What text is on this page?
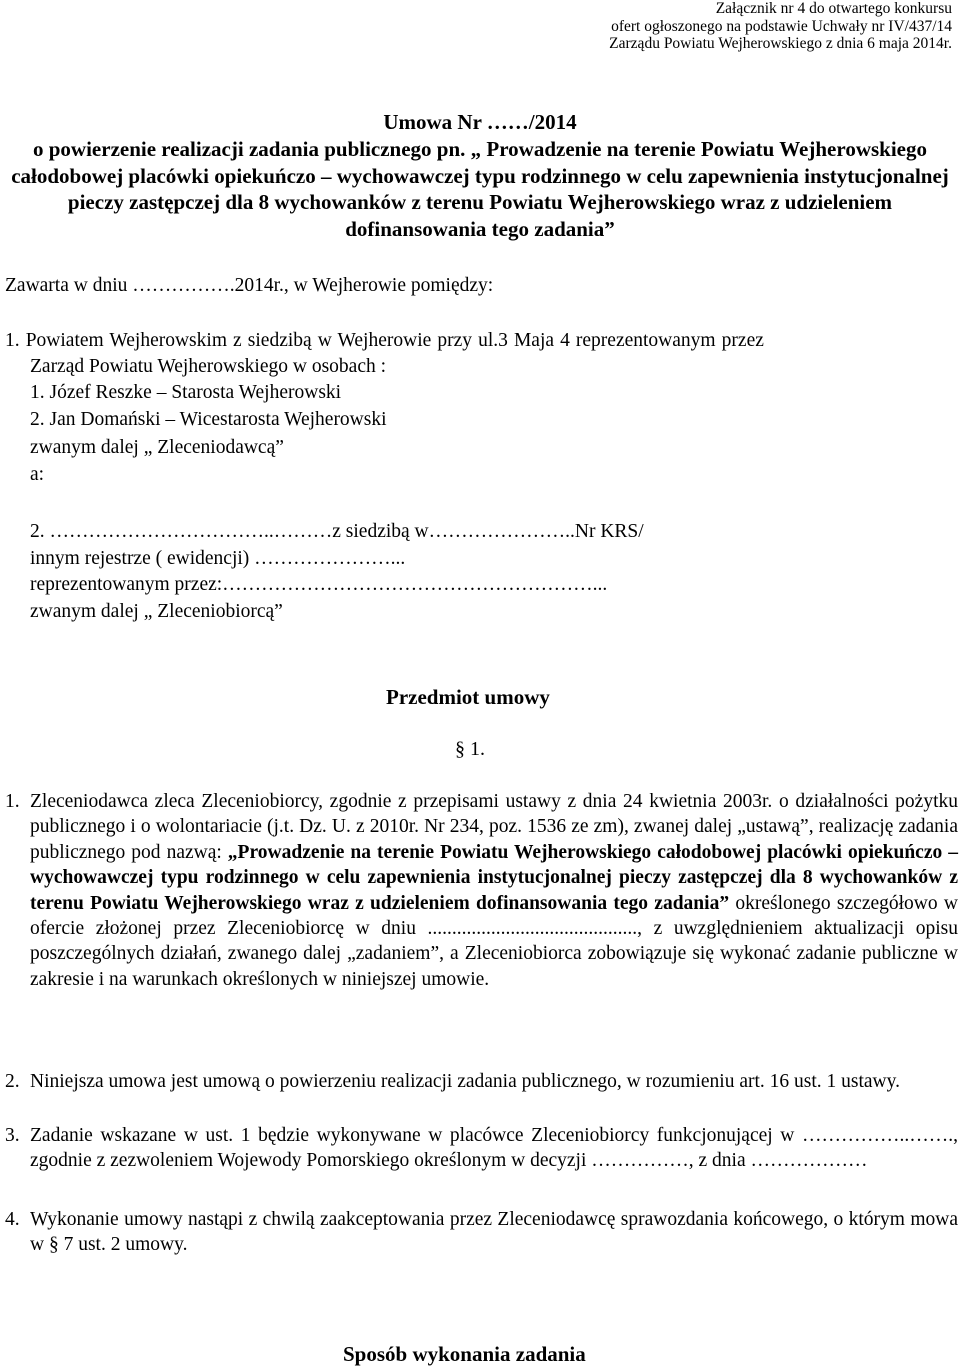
Załącznik nr 4 do otwartego konkursu
ofert ogłoszonego na podstawie Uchwały nr IV/437/14
Zarządu Powiatu Wejherowskiego z dnia 6 maja 2014r.
Umowa Nr ……/2014
o powierzenie realizacji zadania publicznego pn. „ Prowadzenie na terenie Powiatu Wejherowskiego całodobowej placówki opiekuńczo – wychowawczej typu rodzinnego w celu zapewnienia instytucjonalnej pieczy zastępczej dla 8 wychowanków z terenu Powiatu Wejherowskiego wraz z udzieleniem dofinansowania tego zadania”
Zawarta w dniu …………….2014r., w Wejherowie pomiędzy:
1. Powiatem Wejherowskim z siedzibą w Wejherowie przy ul.3 Maja 4 reprezentowanym przez
Zarząd Powiatu Wejherowskiego w osobach :
1. Józef Reszke – Starosta Wejherowski
2. Jan Domański – Wicestarosta Wejherowski
zwanym dalej „ Zleceniodawcą”
a:
2. ……………………………..………z siedzibą w…………………..Nr KRS/
innym rejestrze ( ewidencji) …………………...
reprezentowanym przez:…………………………………………………...
zwanym dalej „ Zleceniobiorcą”
Przedmiot umowy
§ 1.
1. Zleceniodawca zleca Zleceniobiorcy, zgodnie z przepisami ustawy z dnia 24 kwietnia 2003r. o działalności pożytku publicznego i o wolontariacie (j.t. Dz. U. z 2010r. Nr 234, poz. 1536 ze zm), zwanej dalej „ustawą”, realizację zadania publicznego pod nazwą: „Prowadzenie na terenie Powiatu Wejherowskiego całodobowej placówki opiekuńczo – wychowawczej typu rodzinnego w celu zapewnienia instytucjonalnej pieczy zastępczej dla 8 wychowanków z terenu Powiatu Wejherowskiego wraz z udzieleniem dofinansowania tego zadania” określonego szczegółowo w ofercie złożonej przez Zleceniobiorcę w dniu ..........................................., z uwzględnieniem aktualizacji opisu poszczególnych działań, zwanego dalej „zadaniem”, a Zleceniobiorca zobowiązuje się wykonać zadanie publiczne w zakresie i na warunkach określonych w niniejszej umowie.
2. Niniejsza umowa jest umową o powierzeniu realizacji zadania publicznego, w rozumieniu art. 16 ust. 1 ustawy.
3. Zadanie wskazane w ust. 1 będzie wykonywane w placówce Zleceniobiorcy funkcjonującej w ……………..……., zgodnie z zezwoleniem Wojewody Pomorskiego określonym w decyzji ……………, z dnia ………………
4. Wykonanie umowy nastąpi z chwilą zaakceptowania przez Zleceniodawcę sprawozdania końcowego, o którym mowa w § 7 ust. 2 umowy.
Sposób wykonania zadania
